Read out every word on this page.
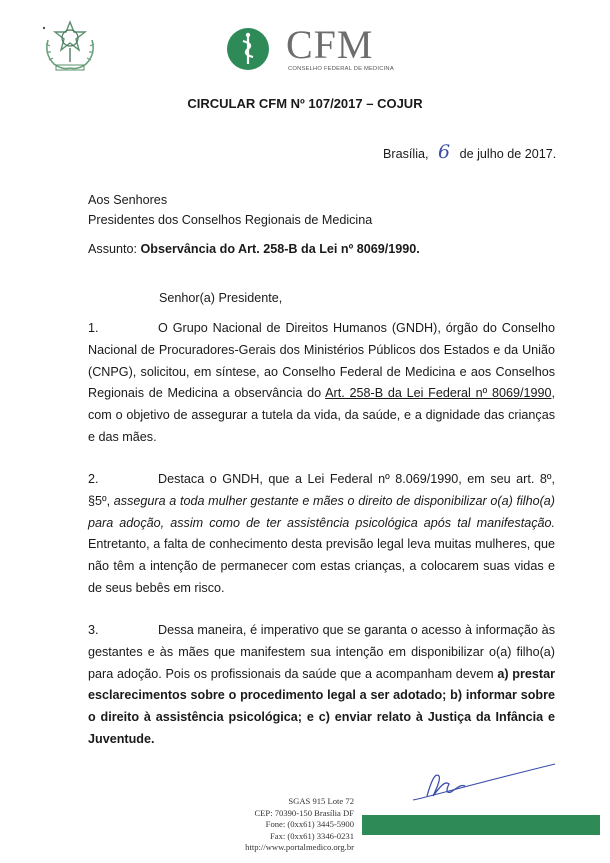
CFM
CONSELHO FEDERAL DE MEDICINA
CIRCULAR CFM Nº 107/2017 – COJUR
Brasília, 6 de julho de 2017.
Aos Senhores
Presidentes dos Conselhos Regionais de Medicina
Assunto: Observância do Art. 258-B da Lei nº 8069/1990.
Senhor(a) Presidente,
1.	O Grupo Nacional de Direitos Humanos (GNDH), órgão do Conselho Nacional de Procuradores-Gerais dos Ministérios Públicos dos Estados e da União (CNPG), solicitou, em síntese, ao Conselho Federal de Medicina e aos Conselhos Regionais de Medicina a observância do Art. 258-B da Lei Federal nº 8069/1990, com o objetivo de assegurar a tutela da vida, da saúde, e a dignidade das crianças e das mães.
2.	Destaca o GNDH, que a Lei Federal nº 8.069/1990, em seu art. 8º, §5º, assegura a toda mulher gestante e mães o direito de disponibilizar o(a) filho(a) para adoção, assim como de ter assistência psicológica após tal manifestação. Entretanto, a falta de conhecimento desta previsão legal leva muitas mulheres, que não têm a intenção de permanecer com estas crianças, a colocarem suas vidas e de seus bebês em risco.
3.	Dessa maneira, é imperativo que se garanta o acesso à informação às gestantes e às mães que manifestem sua intenção em disponibilizar o(a) filho(a) para adoção. Pois os profissionais da saúde que a acompanham devem a) prestar esclarecimentos sobre o procedimento legal a ser adotado; b) informar sobre o direito à assistência psicológica; e c) enviar relato à Justiça da Infância e Juventude.
SGAS 915 Lote 72
CEP: 70390-150 Brasília DF
Fone: (0xx61) 3445-5900
Fax: (0xx61) 3346-0231
http://www.portalmedico.org.br
